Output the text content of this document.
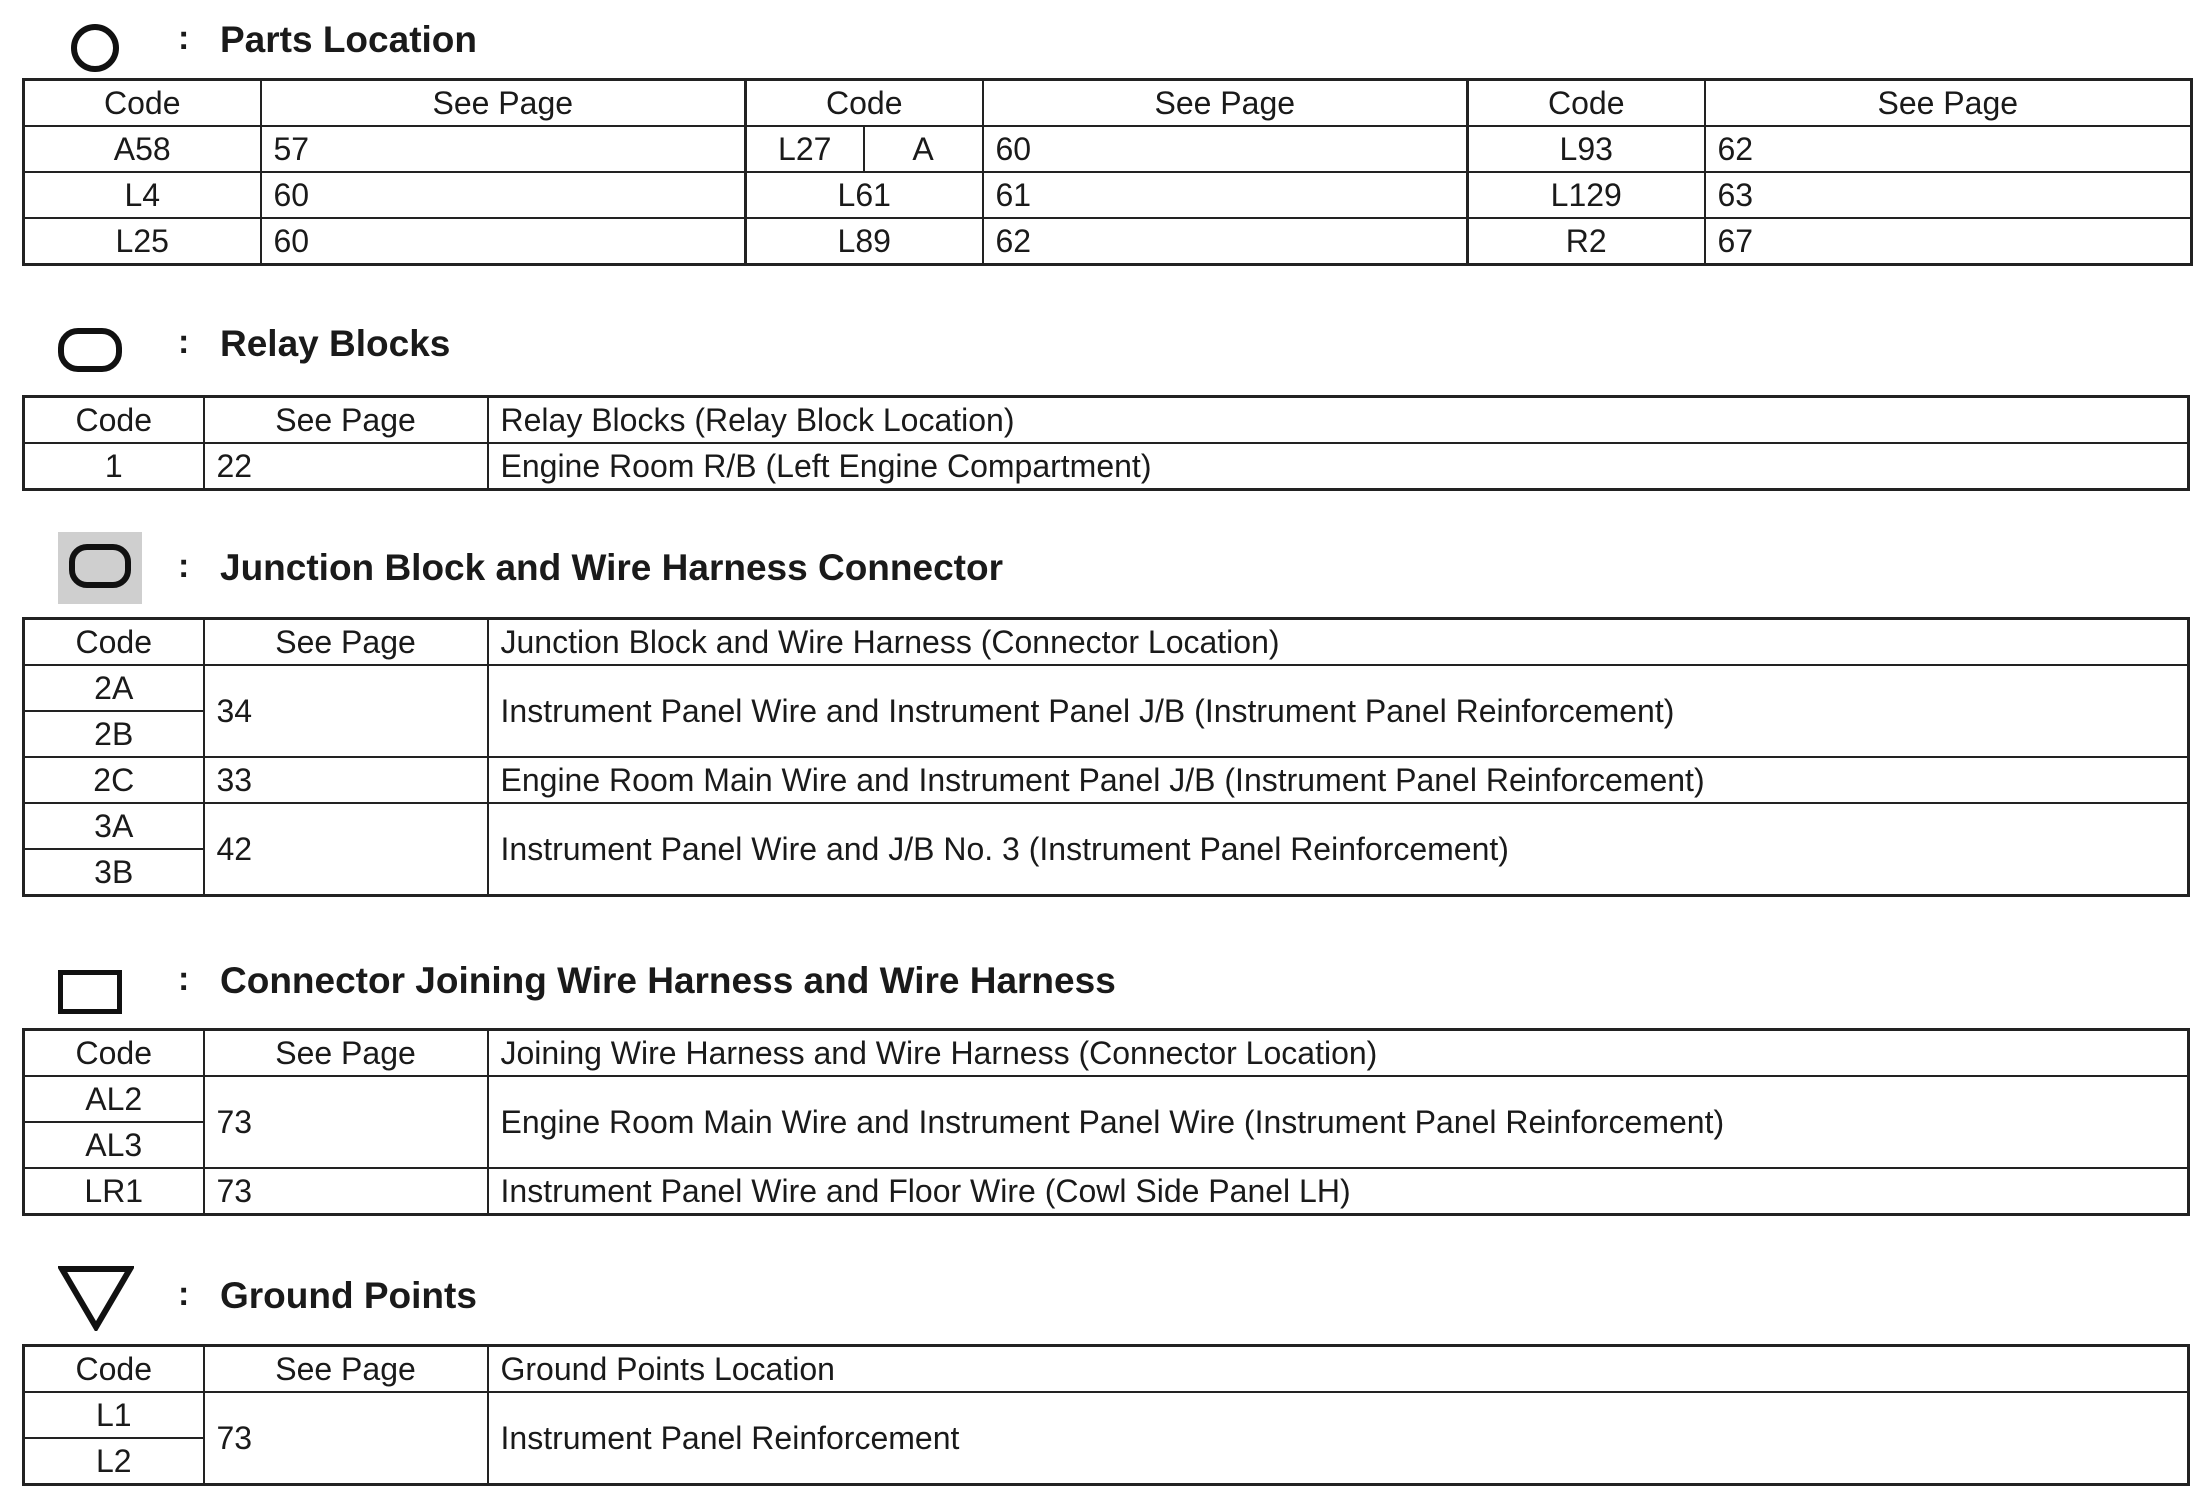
: Parts Location
Code	See Page	Code		See Page	Code	See Page
A58	57	L27	A	60	L93	62
L4	60	L61		61	L129	63
L25	60	L89		62	R2	67
: Relay Blocks
Code	See Page	Relay Blocks (Relay Block Location)
1	22	Engine Room R/B (Left Engine Compartment)
: Junction Block and Wire Harness Connector
Code	See Page	Junction Block and Wire Harness (Connector Location)
2A	34	Instrument Panel Wire and Instrument Panel J/B (Instrument Panel Reinforcement)
2B		
2C	33	Engine Room Main Wire and Instrument Panel J/B (Instrument Panel Reinforcement)
3A	42	Instrument Panel Wire and J/B No. 3 (Instrument Panel Reinforcement)
3B		
: Connector Joining Wire Harness and Wire Harness
Code	See Page	Joining Wire Harness and Wire Harness (Connector Location)
AL2	73	Engine Room Main Wire and Instrument Panel Wire (Instrument Panel Reinforcement)
AL3		
LR1	73	Instrument Panel Wire and Floor Wire (Cowl Side Panel LH)
: Ground Points
Code	See Page	Ground Points Location
L1	73	Instrument Panel Reinforcement
L2		
